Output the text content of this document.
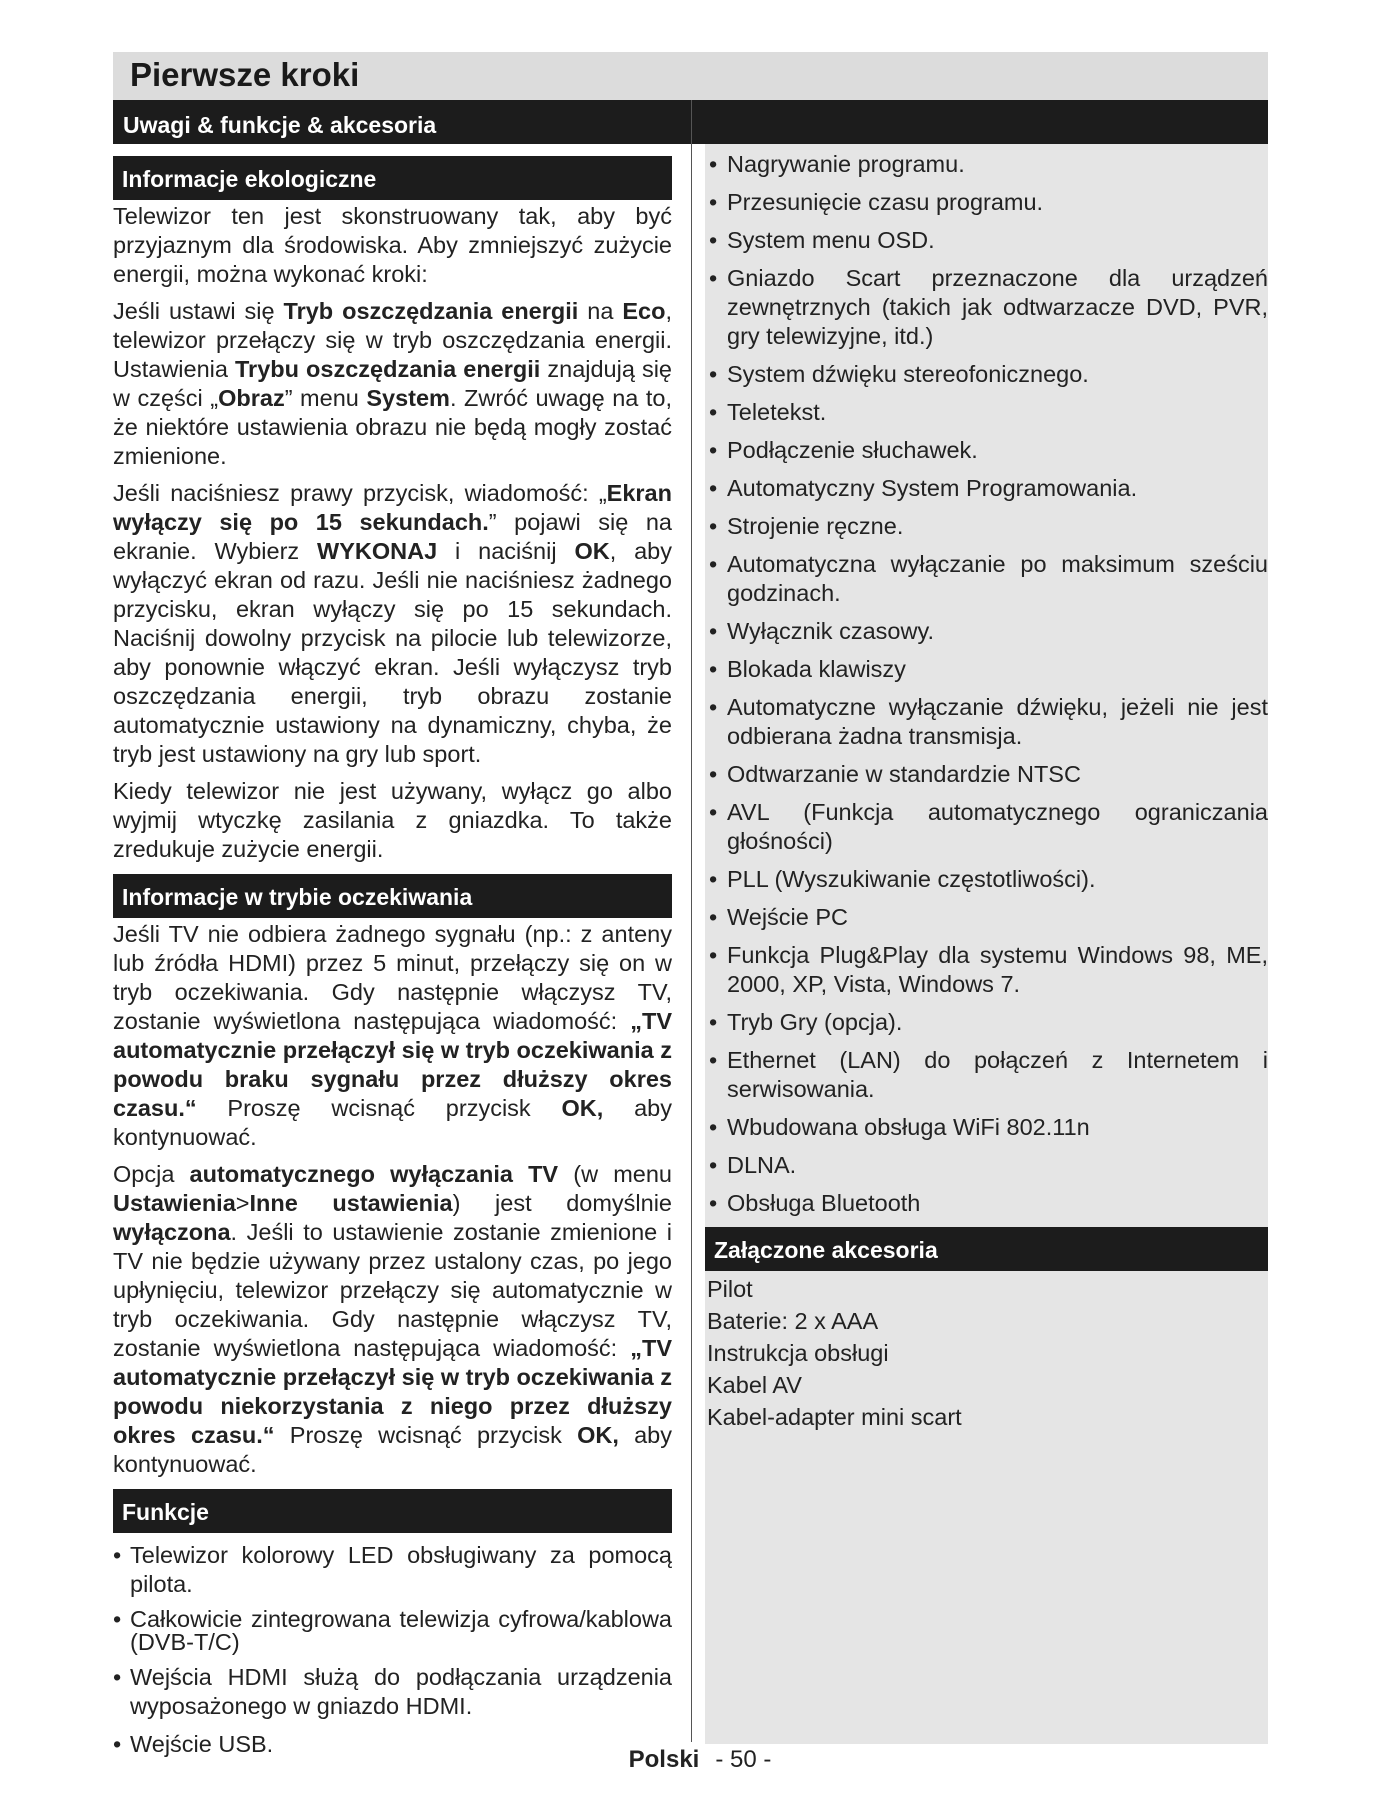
Pierwsze kroki
Uwagi & funkcje & akcesoria
Informacje ekologiczne

Telewizor ten jest skonstruowany tak, aby być przyjaznym dla środowiska. Aby zmniejszyć zużycie energii, można wykonać kroki:

Jeśli ustawi się Tryb oszczędzania energii na Eco, telewizor przełączy się w tryb oszczędzania energii. Ustawienia Trybu oszczędzania energii znajdują się w części „Obraz” menu System. Zwróć uwagę na to, że niektóre ustawienia obrazu nie będą mogły zostać zmienione.

Jeśli naciśniesz prawy przycisk, wiadomość: „Ekran wyłączy się po 15 sekundach.” pojawi się na ekranie. Wybierz WYKONAJ i naciśnij OK, aby wyłączyć ekran od razu. Jeśli nie naciśniesz żadnego przycisku, ekran wyłączy się po 15 sekundach. Naciśnij dowolny przycisk na pilocie lub telewizorze, aby ponownie włączyć ekran. Jeśli wyłączysz tryb oszczędzania energii, tryb obrazu zostanie automatycznie ustawiony na dynamiczny, chyba, że tryb jest ustawiony na gry lub sport.

Kiedy telewizor nie jest używany, wyłącz go albo wyjmij wtyczkę zasilania z gniazdka. To także zredukuje zużycie energii.

Informacje w trybie oczekiwania

Jeśli TV nie odbiera żadnego sygnału (np.: z anteny lub źródła HDMI) przez 5 minut, przełączy się on w tryb oczekiwania. Gdy następnie włączysz TV, zostanie wyświetlona następująca wiadomość: „TV automatycznie przełączył się w tryb oczekiwania z powodu braku sygnału przez dłuższy okres czasu.“ Proszę wcisnąć przycisk OK, aby kontynuować.

Opcja automatycznego wyłączania TV (w menu Ustawienia>Inne ustawienia) jest domyślnie wyłączona. Jeśli to ustawienie zostanie zmienione i TV nie będzie używany przez ustalony czas, po jego upłynięciu, telewizor przełączy się automatycznie w tryb oczekiwania. Gdy następnie włączysz TV, zostanie wyświetlona następująca wiadomość: „TV automatycznie przełączył się w tryb oczekiwania z powodu niekorzystania z niego przez dłuższy okres czasu.“ Proszę wcisnąć przycisk OK, aby kontynuować.

Funkcje
• Telewizor kolorowy LED obsługiwany za pomocą pilota.
• Całkowicie zintegrowana telewizja cyfrowa/kablowa (DVB-T/C)
• Wejścia HDMI służą do podłączania urządzenia wyposażonego w gniazdo HDMI.
• Wejście USB.
• Nagrywanie programu.
• Przesunięcie czasu programu.
• System menu OSD.
• Gniazdo Scart przeznaczone dla urządzeń zewnętrznych (takich jak odtwarzacze DVD, PVR, gry telewizyjne, itd.)
• System dźwięku stereofonicznego.
• Teletekst.
• Podłączenie słuchawek.
• Automatyczny System Programowania.
• Strojenie ręczne.
• Automatyczna wyłączanie po maksimum sześciu godzinach.
• Wyłącznik czasowy.
• Blokada klawiszy
• Automatyczne wyłączanie dźwięku, jeżeli nie jest odbierana żadna transmisja.
• Odtwarzanie w standardzie NTSC
• AVL (Funkcja automatycznego ograniczania głośności)
• PLL (Wyszukiwanie częstotliwości).
• Wejście PC
• Funkcja Plug&Play dla systemu Windows 98, ME, 2000, XP, Vista, Windows 7.
• Tryb Gry (opcja).
• Ethernet (LAN) do połączeń z Internetem i serwisowania.
• Wbudowana obsługa WiFi 802.11n
• DLNA.
• Obsługa Bluetooth
Załączone akcesoria
Pilot
Baterie: 2 x AAA
Instrukcja obsługi
Kabel AV
Kabel-adapter mini scart
Polski - 50 -
